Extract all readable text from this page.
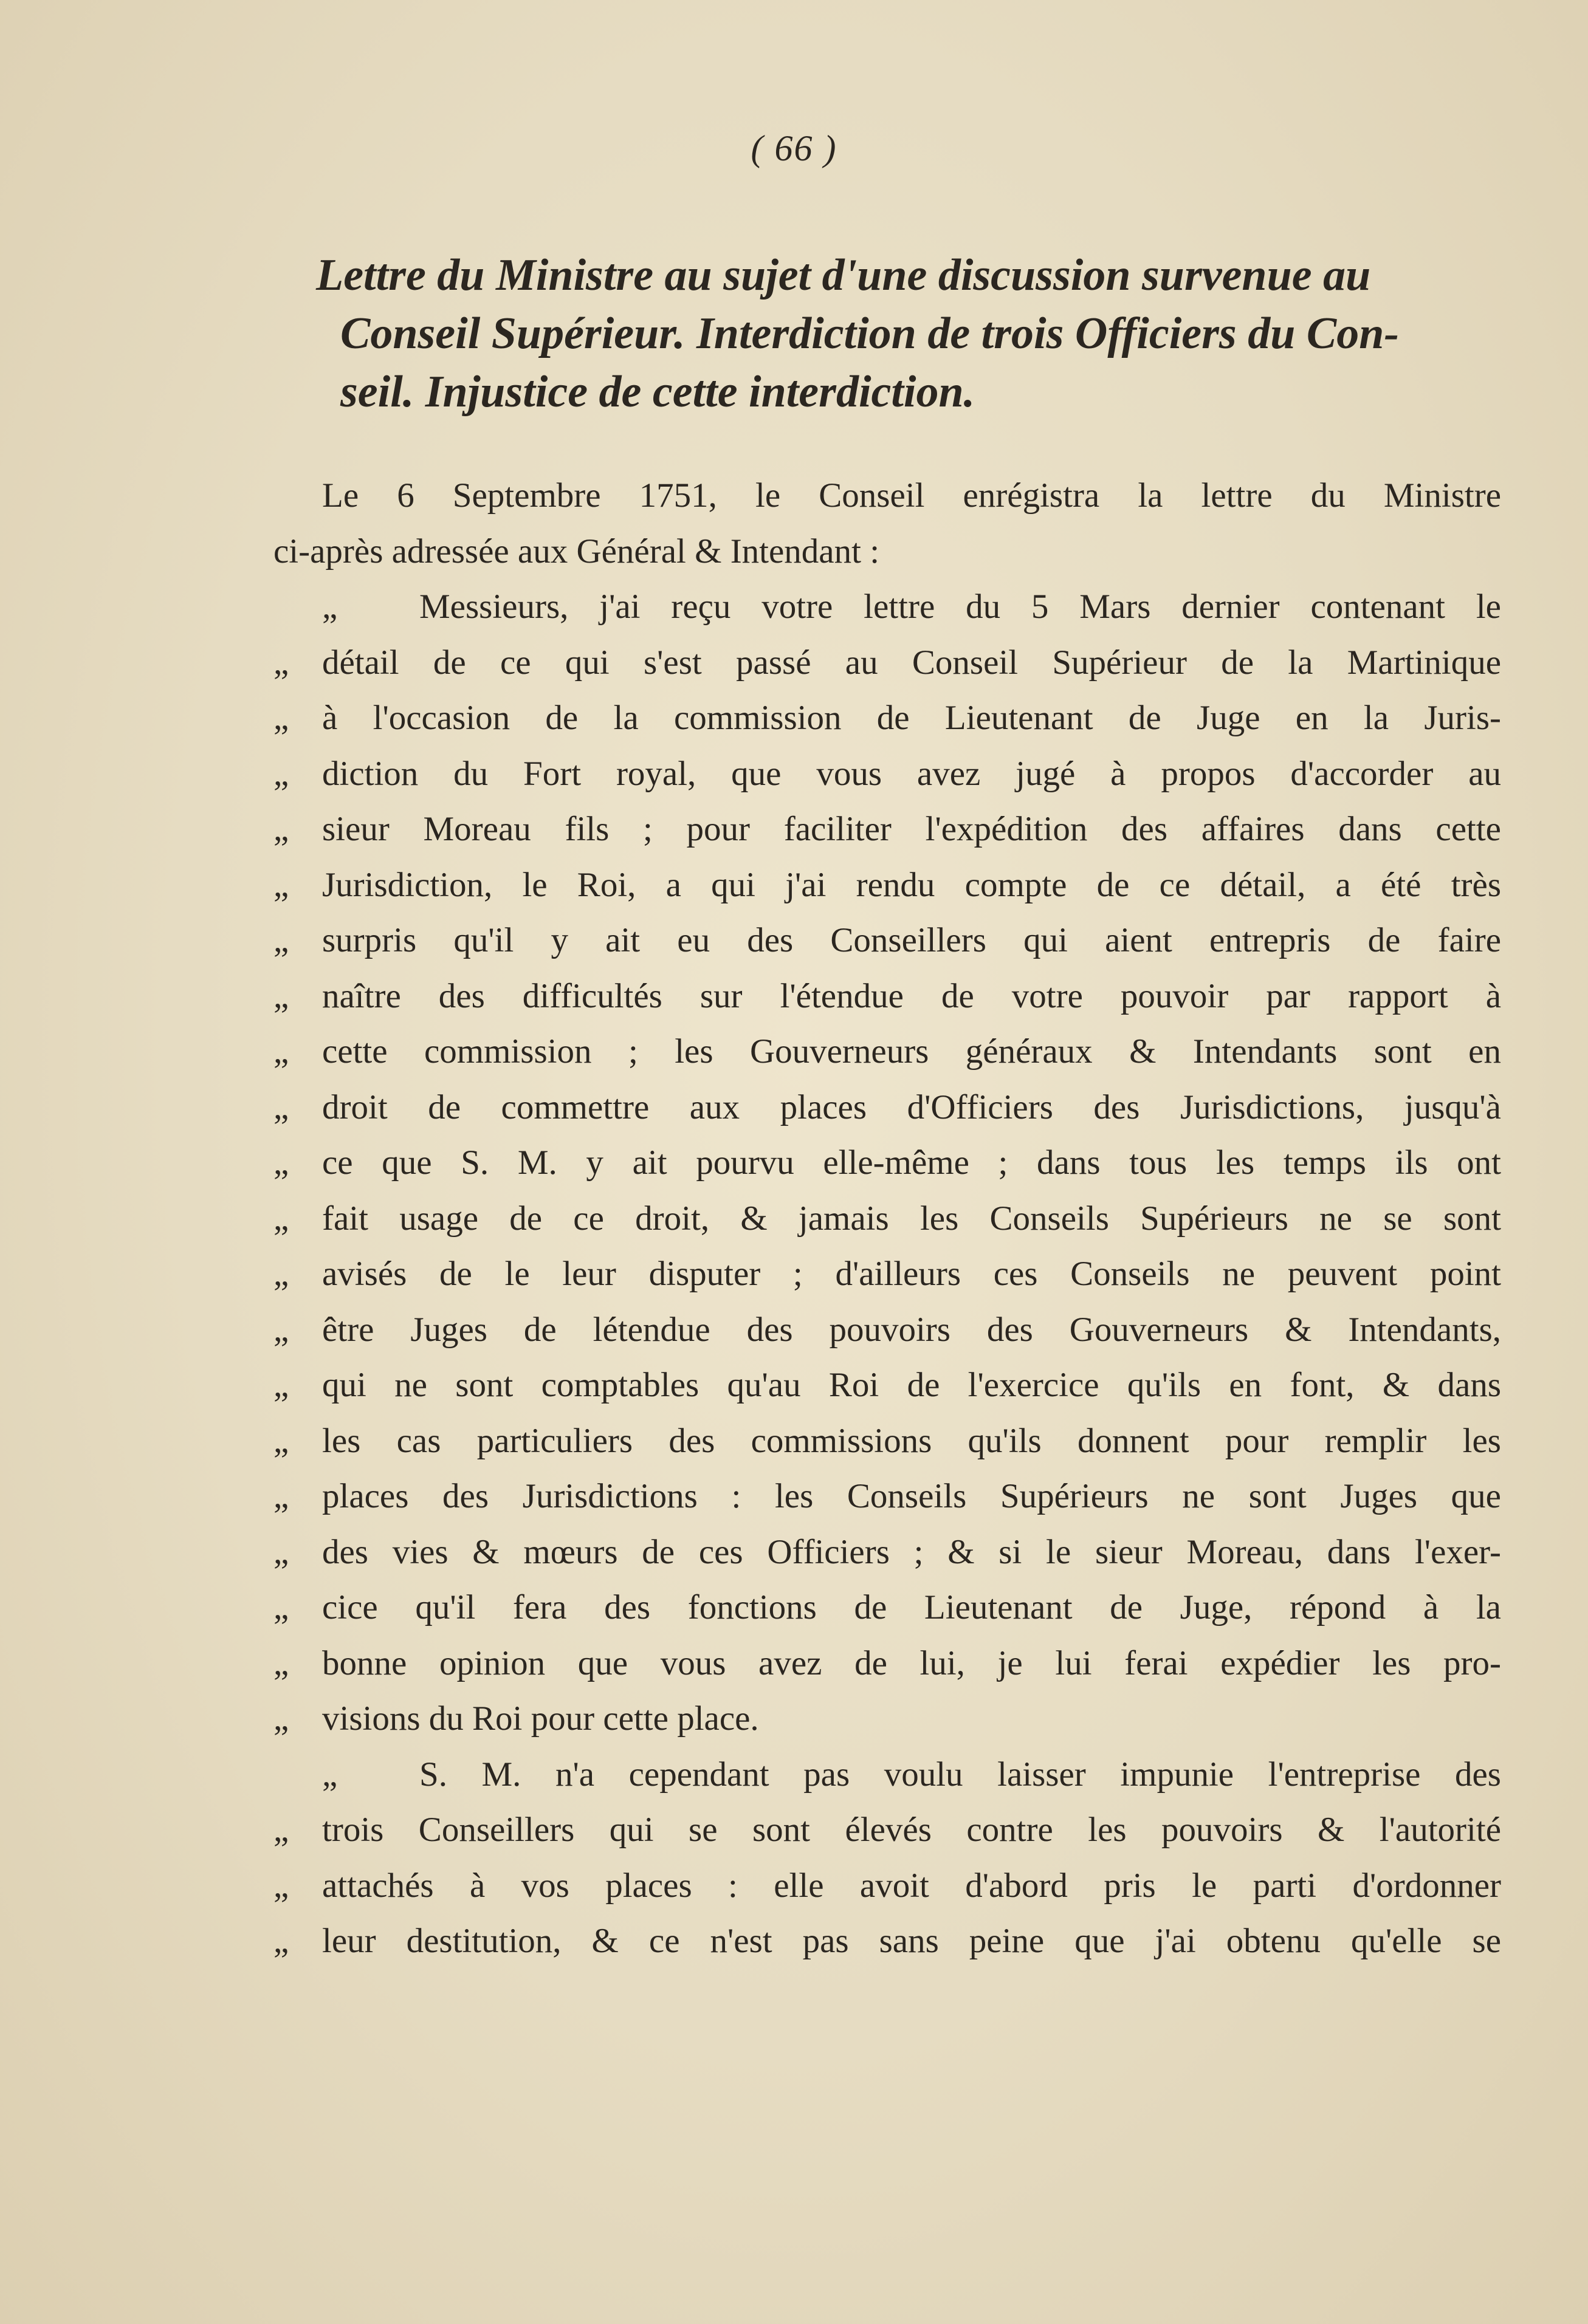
( 66 )
Lettre du Ministre au sujet d'une discussion survenue au
Conseil Supérieur. Interdiction de trois Officiers du Con-
seil. Injustice de cette interdiction.
Le 6 Septembre 1751, le Conseil enrégistra la lettre du Ministre
ci-après adressée aux Général & Intendant :
„	Messieurs, j'ai reçu votre lettre du 5 Mars dernier contenant le
„ détail de ce qui s'est passé au Conseil Supérieur de la Martinique
„ à l'occasion de la commission de Lieutenant de Juge en la Juris-
„ diction du Fort royal, que vous avez jugé à propos d'accorder au
„ sieur Moreau fils ; pour faciliter l'expédition des affaires dans cette
„ Jurisdiction, le Roi, a qui j'ai rendu compte de ce détail, a été très
„ surpris qu'il y ait eu des Conseillers qui aient entrepris de faire
„ naître des difficultés sur l'étendue de votre pouvoir par rapport à
„ cette commission ; les Gouverneurs généraux & Intendants sont en
„ droit de commettre aux places d'Officiers des Jurisdictions, jusqu'à
„ ce que S. M. y ait pourvu elle-même ; dans tous les temps ils ont
„ fait usage de ce droit, & jamais les Conseils Supérieurs ne se sont
„ avisés de le leur disputer ; d'ailleurs ces Conseils ne peuvent point
„ être Juges de létendue des pouvoirs des Gouverneurs & Intendants,
„ qui ne sont comptables qu'au Roi de l'exercice qu'ils en font, & dans
„ les cas particuliers des commissions qu'ils donnent pour remplir les
„ places des Jurisdictions : les Conseils Supérieurs ne sont Juges que
„ des vies & mœurs de ces Officiers ; & si le sieur Moreau, dans l'exer-
„ cice qu'il fera des fonctions de Lieutenant de Juge, répond à la
„ bonne opinion que vous avez de lui, je lui ferai expédier les pro-
„ visions du Roi pour cette place.
„	S. M. n'a cependant pas voulu laisser impunie l'entreprise des
„ trois Conseillers qui se sont élevés contre les pouvoirs & l'autorité
„ attachés à vos places : elle avoit d'abord pris le parti d'ordonner
„ leur destitution, & ce n'est pas sans peine que j'ai obtenu qu'elle se
